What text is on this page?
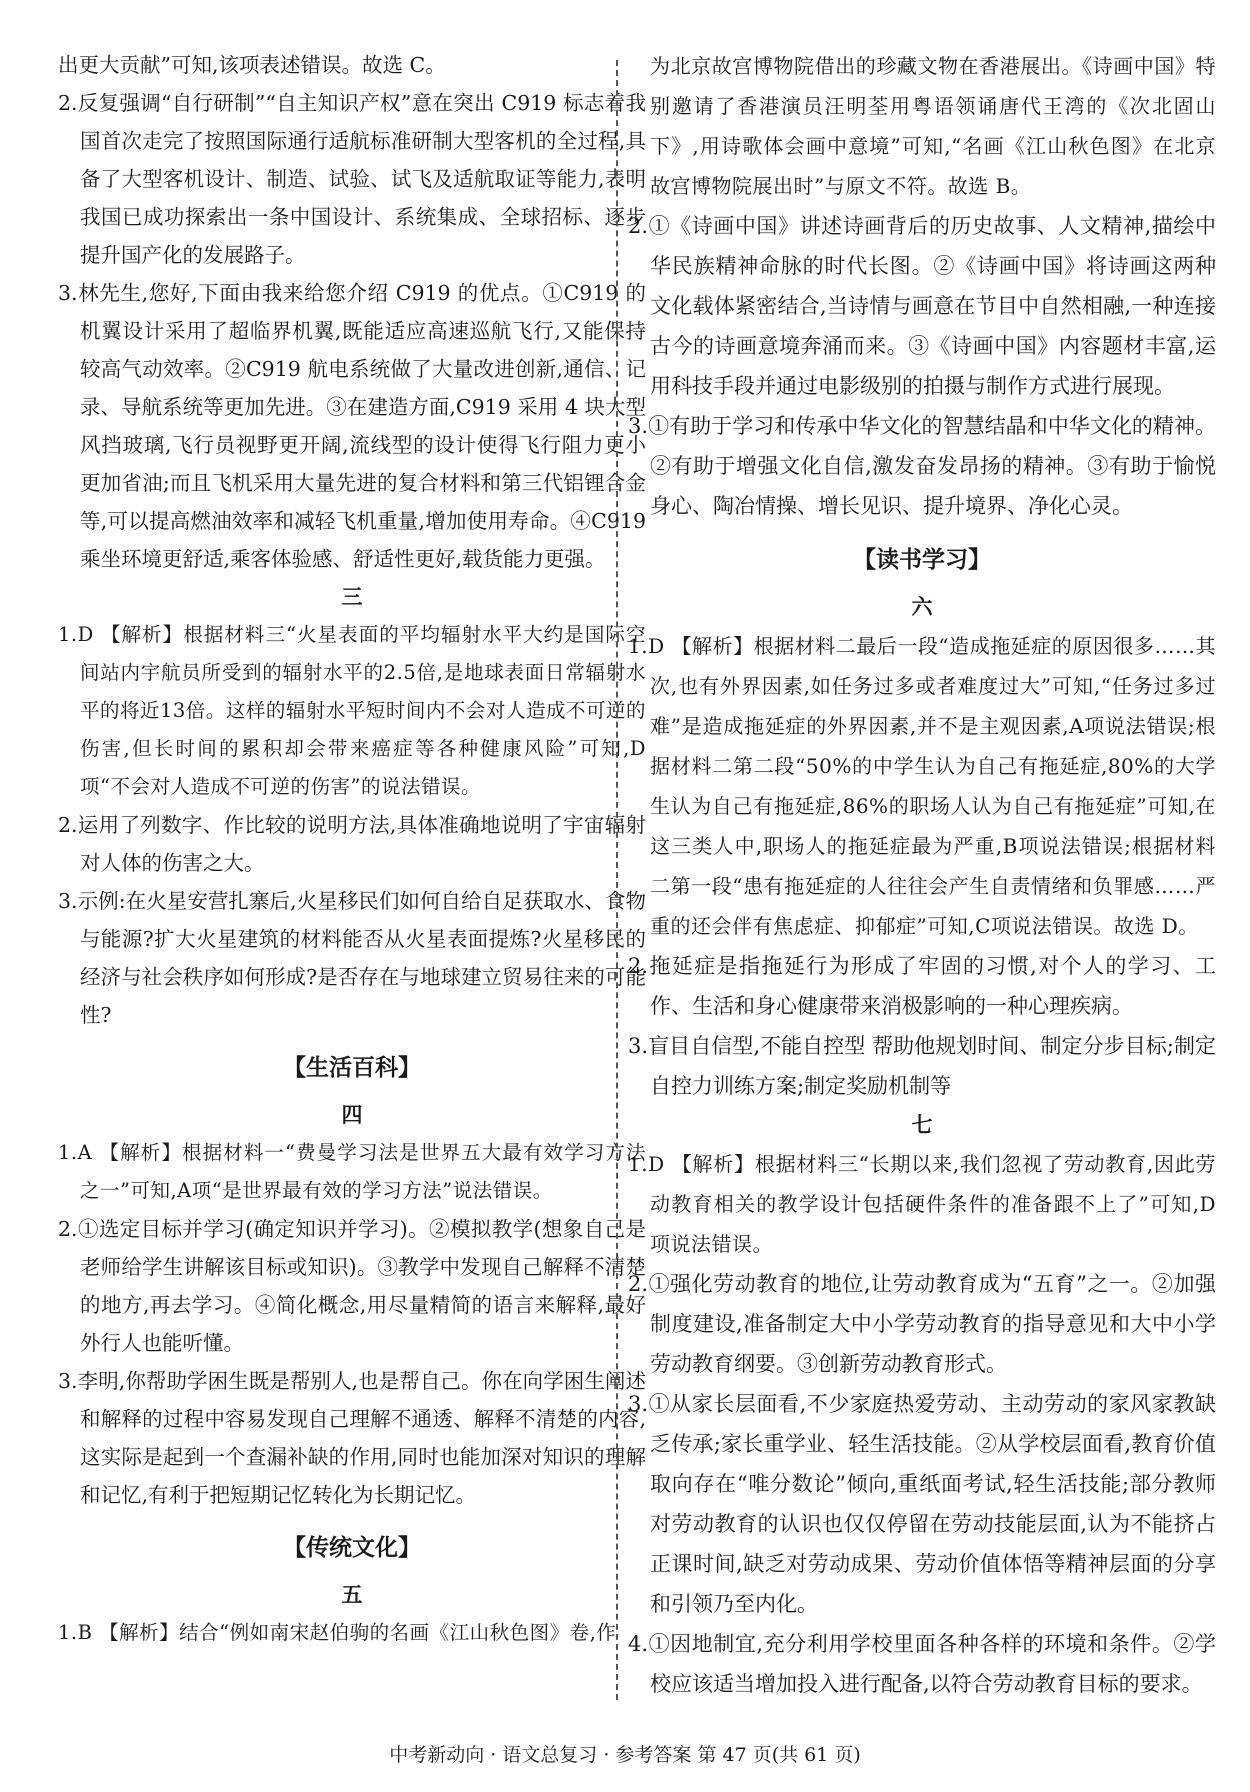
出更大贡献”可知,该项表述错误。故选 C。

2.反复强调“自行研制”“自主知识产权”意在突出 C919 标志着我国首次走完了按照国际通行适航标准研制大型客机的全过程,具备了大型客机设计、制造、试验、试飞及适航取证等能力,表明我国已成功探索出一条中国设计、系统集成、全球招标、逐步提升国产化的发展路子。

3.林先生,您好,下面由我来给您介绍 C919 的优点。①C919 的机翼设计采用了超临界机翼,既能适应高速巡航飞行,又能保持较高气动效率。②C919 航电系统做了大量改进创新,通信、记录、导航系统等更加先进。③在建造方面,C919 采用 4 块大型风挡玻璃,飞行员视野更开阔,流线型的设计使得飞行阻力更小更加省油;而且飞机采用大量先进的复合材料和第三代铝锂合金等,可以提高燃油效率和减轻飞机重量,增加使用寿命。④C919 乘坐环境更舒适,乘客体验感、舒适性更好,载货能力更强。

三

1.D 【解析】根据材料三“火星表面的平均辐射水平大约是国际空间站内宇航员所受到的辐射水平的2.5倍,是地球表面日常辐射水平的将近13倍。这样的辐射水平短时间内不会对人造成不可逆的伤害,但长时间的累积却会带来癌症等各种健康风险”可知,D项“不会对人造成不可逆的伤害”的说法错误。

2.运用了列数字、作比较的说明方法,具体准确地说明了宇宙辐射对人体的伤害之大。

3.示例:在火星安营扎寨后,火星移民们如何自给自足获取水、食物与能源?扩大火星建筑的材料能否从火星表面提炼?火星移民的经济与社会秩序如何形成?是否存在与地球建立贸易往来的可能性?

【生活百科】

四

1.A 【解析】根据材料一“费曼学习法是世界五大最有效学习方法之一”可知,A项“是世界最有效的学习方法”说法错误。

2.①选定目标并学习(确定知识并学习)。②模拟教学(想象自己是老师给学生讲解该目标或知识)。③教学中发现自己解释不清楚的地方,再去学习。④简化概念,用尽量精简的语言来解释,最好外行人也能听懂。

3.李明,你帮助学困生既是帮别人,也是帮自己。你在向学困生阐述和解释的过程中容易发现自己理解不通透、解释不清楚的内容,这实际是起到一个查漏补缺的作用,同时也能加深对知识的理解和记忆,有利于把短期记忆转化为长期记忆。

【传统文化】

五

1.B 【解析】结合“例如南宋赵伯驹的名画《江山秋色图》卷,作

为北京故宫博物院借出的珍藏文物在香港展出。《诗画中国》特别邀请了香港演员汪明荃用粤语领诵唐代王湾的《次北固山下》,用诗歌体会画中意境”可知,“名画《江山秋色图》在北京故宫博物院展出时”与原文不符。故选 B。

2.①《诗画中国》讲述诗画背后的历史故事、人文精神,描绘中华民族精神命脉的时代长图。②《诗画中国》将诗画这两种文化载体紧密结合,当诗情与画意在节目中自然相融,一种连接古今的诗画意境奔涌而来。③《诗画中国》内容题材丰富,运用科技手段并通过电影级别的拍摄与制作方式进行展现。

3.①有助于学习和传承中华文化的智慧结晶和中华文化的精神。②有助于增强文化自信,激发奋发昂扬的精神。③有助于愉悦身心、陶冶情操、增长见识、提升境界、净化心灵。

【读书学习】

六

1.D 【解析】根据材料二最后一段“造成拖延症的原因很多……其次,也有外界因素,如任务过多或者难度过大”可知,“任务过多过难”是造成拖延症的外界因素,并不是主观因素,A项说法错误;根据材料二第二段“50%的中学生认为自己有拖延症,80%的大学生认为自己有拖延症,86%的职场人认为自己有拖延症”可知,在这三类人中,职场人的拖延症最为严重,B项说法错误;根据材料二第一段“患有拖延症的人往往会产生自责情绪和负罪感……严重的还会伴有焦虑症、抑郁症”可知,C项说法错误。故选 D。

2.拖延症是指拖延行为形成了牢固的习惯,对个人的学习、工作、生活和身心健康带来消极影响的一种心理疾病。

3.盲目自信型,不能自控型 帮助他规划时间、制定分步目标;制定自控力训练方案;制定奖励机制等

七

1.D 【解析】根据材料三“长期以来,我们忽视了劳动教育,因此劳动教育相关的教学设计包括硬件条件的准备跟不上了”可知,D项说法错误。

2.①强化劳动教育的地位,让劳动教育成为“五育”之一。②加强制度建设,准备制定大中小学劳动教育的指导意见和大中小学劳动教育纲要。③创新劳动教育形式。

3.①从家长层面看,不少家庭热爱劳动、主动劳动的家风家教缺乏传承;家长重学业、轻生活技能。②从学校层面看,教育价值取向存在“唯分数论”倾向,重纸面考试,轻生活技能;部分教师对劳动教育的认识也仅仅停留在劳动技能层面,认为不能挤占正课时间,缺乏对劳动成果、劳动价值体悟等精神层面的分享和引领乃至内化。

4.①因地制宜,充分利用学校里面各种各样的环境和条件。②学校应该适当增加投入进行配备,以符合劳动教育目标的要求。

中考新动向 · 语文总复习 · 参考答案 第 47 页(共 61 页)
